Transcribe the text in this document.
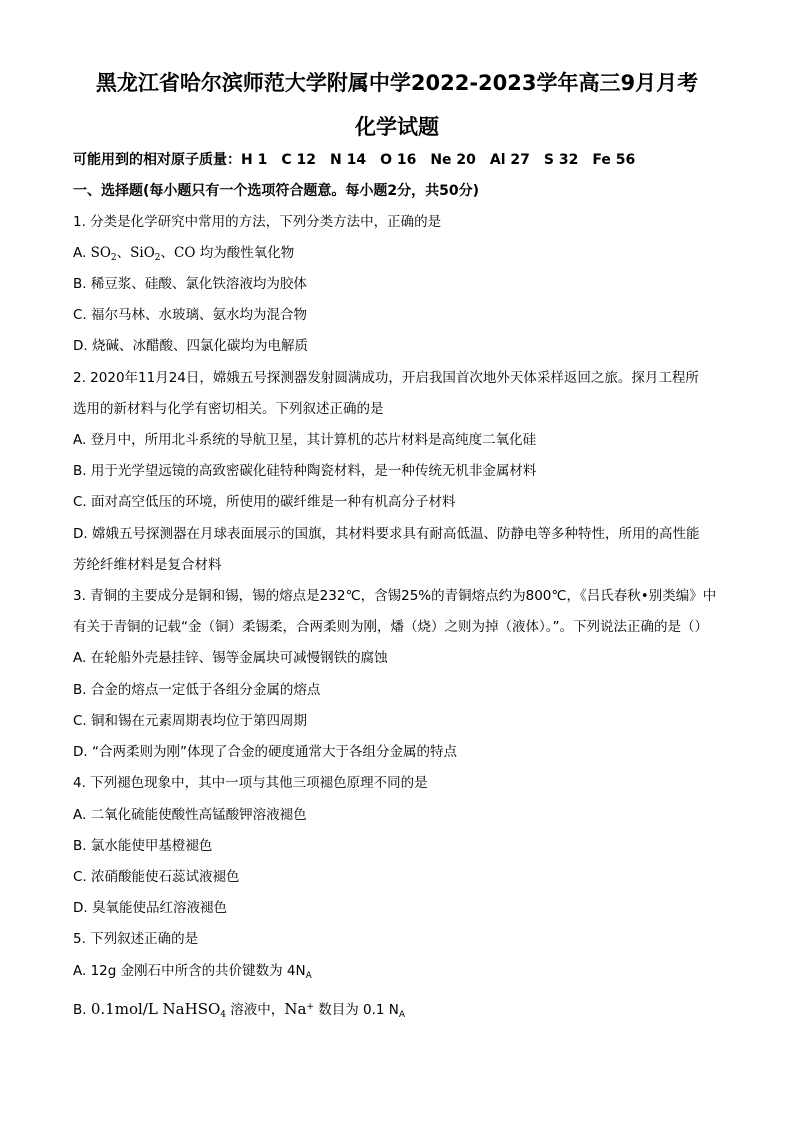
黑龙江省哈尔滨师范大学附属中学2022-2023学年高三9月月考
化学试题
可能用到的相对原子质量：H 1 C 12 N 14 O 16 Ne 20 Al 27 S 32 Fe 56
一、选择题(每小题只有一个选项符合题意。每小题2分，共50分)
1. 分类是化学研究中常用的方法，下列分类方法中，正确的是
A. $SO_2$、SiO$_2$、CO 均为酸性氧化物
B. 稀豆浆、硅酸、氯化铁溶液均为胶体
C. 福尔马林、水玻璃、氨水均为混合物
D. 烧碱、冰醋酸、四氯化碳均为电解质
2. 2020年11月24日，嫦娥五号探测器发射圆满成功，开启我国首次地外天体采样返回之旅。探月工程所
选用的新材料与化学有密切相关。下列叙述正确的是
A. 登月中，所用北斗系统的导航卫星，其计算机的芯片材料是高纯度二氧化硅
B. 用于光学望远镜的高致密碳化硅特种陶瓷材料，是一种传统无机非金属材料
C. 面对高空低压的环境，所使用的碳纤维是一种有机高分子材料
D. 嫦娥五号探测器在月球表面展示的国旗，其材料要求具有耐高低温、防静电等多种特性，所用的高性能
芳纶纤维材料是复合材料
3. 青铜的主要成分是铜和锡，锡的熔点是232℃，含锡25%的青铜熔点约为800℃，《吕氏春秋•别类编》中
有关于青铜的记载“金（铜）柔锡柔，合两柔则为刚，燔（烧）之则为掉（液体）。”。下列说法正确的是（）
A. 在轮船外壳悬挂锌、锡等金属块可减慢钢铁的腐蚀
B. 合金的熔点一定低于各组分金属的熔点
C. 铜和锡在元素周期表均位于第四周期
D. “合两柔则为刚”体现了合金的硬度通常大于各组分金属的特点
4. 下列褪色现象中，其中一项与其他三项褪色原理不同的是
A. 二氧化硫能使酸性高锰酸钾溶液褪色
B. 氯水能使甲基橙褪色
C. 浓硝酸能使石蕊试液褪色
D. 臭氧能使品红溶液褪色
5. 下列叙述正确的是
A. 12g 金刚石中所含的共价键数为 $4N_A$
B. 0.1mol/L NaHSO$_4$ 溶液中，Na+ 数目为 0.1 $N_A$
